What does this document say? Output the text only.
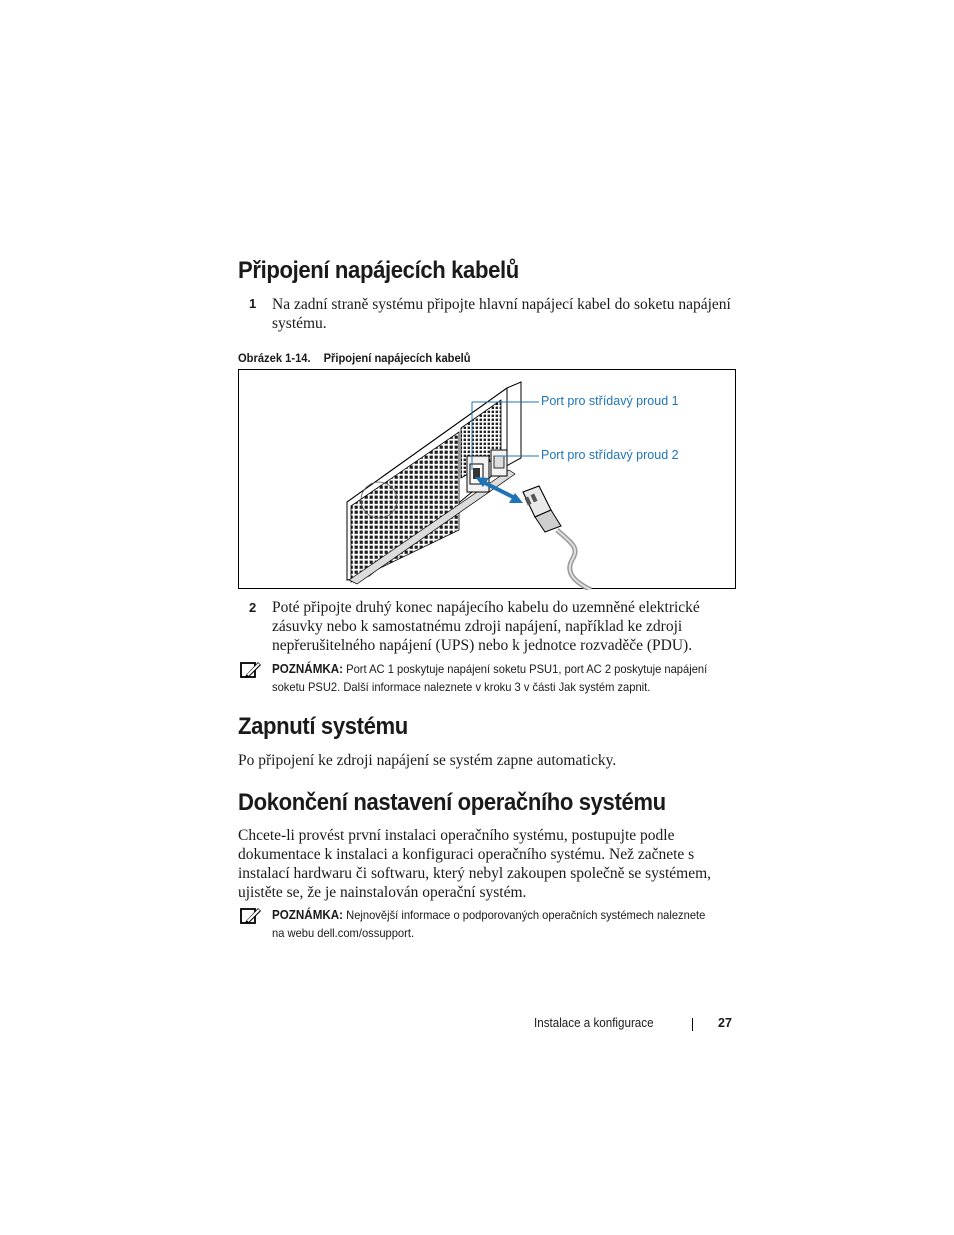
Připojení napájecích kabelů
1 Na zadní straně systému připojte hlavní napájecí kabel do soketu napájení systému.
Obrázek 1-14. Připojení napájecích kabelů
Port pro střídavý proud 1
Port pro střídavý proud 2
2 Poté připojte druhý konec napájecího kabelu do uzemněné elektrické zásuvky nebo k samostatnému zdroji napájení, například ke zdroji nepřerušitelného napájení (UPS) nebo k jednotce rozvaděče (PDU).
POZNÁMKA: Port AC 1 poskytuje napájení soketu PSU1, port AC 2 poskytuje napájení soketu PSU2. Další informace naleznete v kroku 3 v části Jak systém zapnit.
Zapnutí systému
Po připojení ke zdroji napájení se systém zapne automaticky.
Dokončení nastavení operačního systému
Chcete-li provést první instalaci operačního systému, postupujte podle dokumentace k instalaci a konfiguraci operačního systému. Než začnete s instalací hardwaru či softwaru, který nebyl zakoupen společně se systémem, ujistěte se, že je nainstalován operační systém.
POZNÁMKA: Nejnovější informace o podporovaných operačních systémech naleznete na webu dell.com/ossupport.
Instalace a konfigurace	27
